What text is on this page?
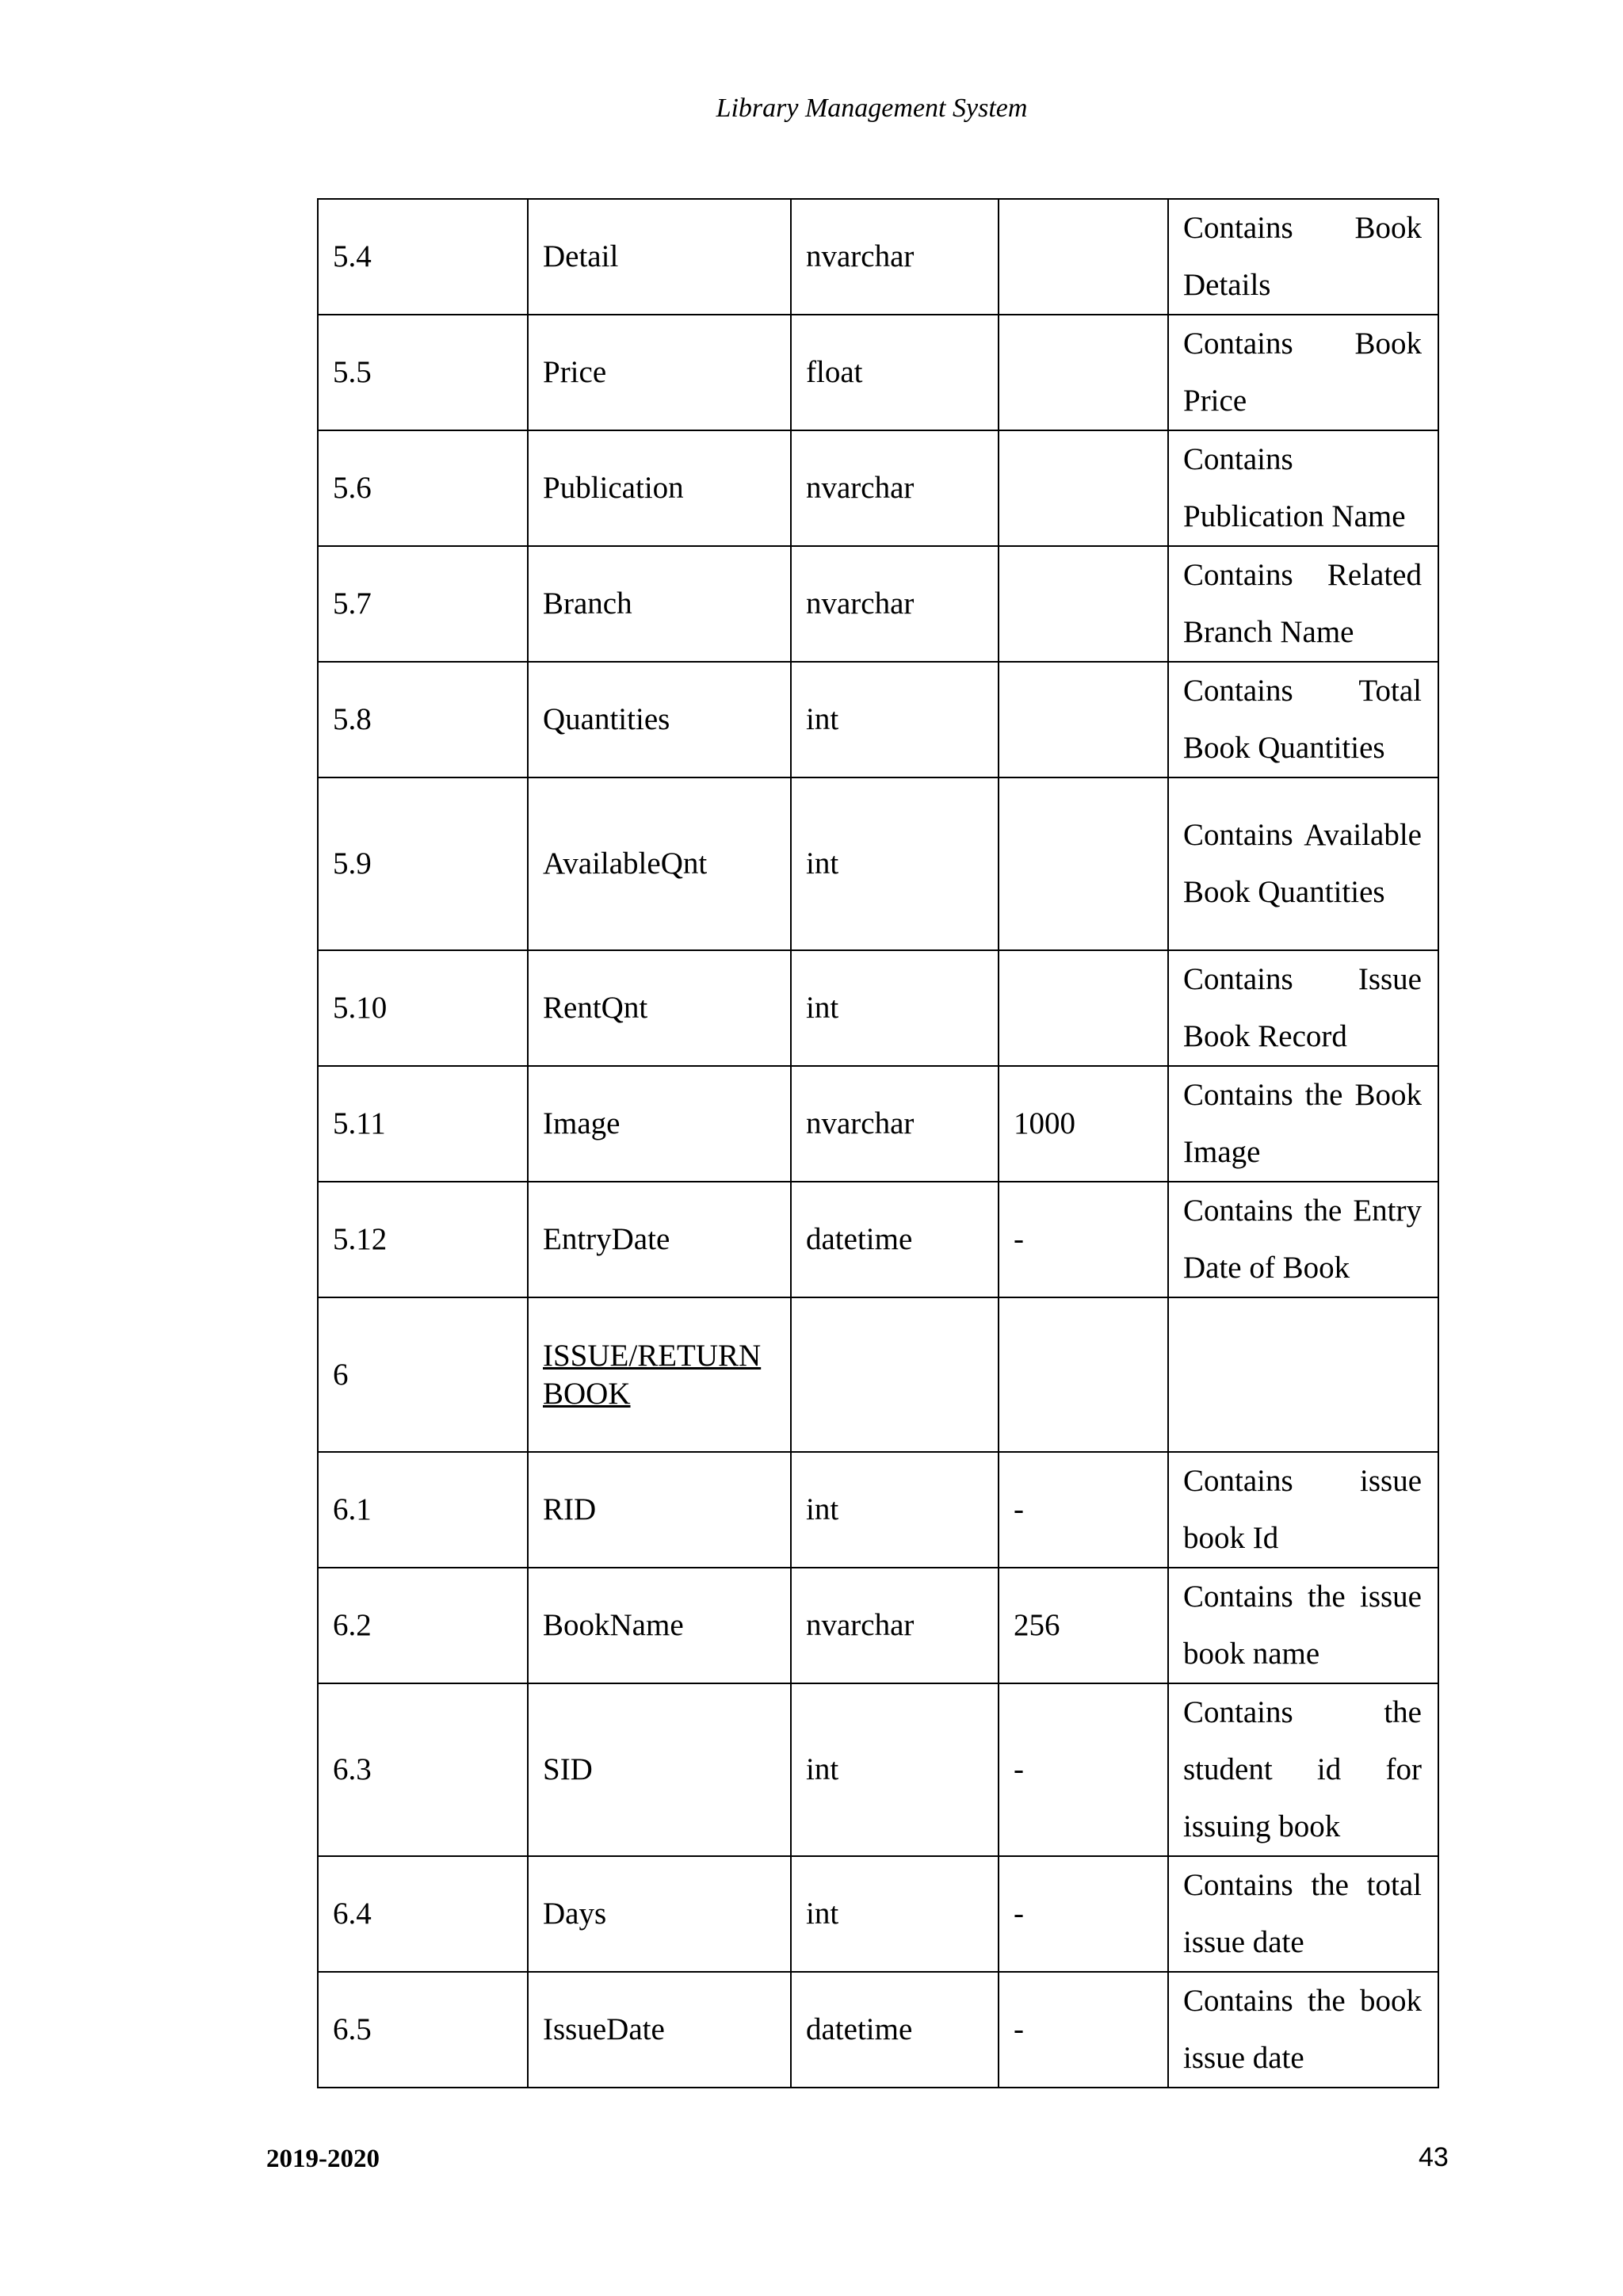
Library Management System
5.4	Detail	nvarchar		Contains Book Details
5.5	Price	float		Contains Book Price
5.6	Publication	nvarchar		Contains Publication Name
5.7	Branch	nvarchar		Contains Related Branch Name
5.8	Quantities	int		Contains Total Book Quantities
5.9	AvailableQnt	int		Contains Available Book Quantities
5.10	RentQnt	int		Contains Issue Book Record
5.11	Image	nvarchar	1000	Contains the Book Image
5.12	EntryDate	datetime	-	Contains the Entry Date of Book
6	ISSUE/RETURN BOOK			

6.1	RID	int	-	Contains issue book Id
6.2	BookName	nvarchar	256	Contains the issue book name
6.3	SID	int	-	Contains the student id for issuing book
6.4	Days	int	-	Contains the total issue date
6.5	IssueDate	datetime	-	Contains the book issue date
2019-2020	43
